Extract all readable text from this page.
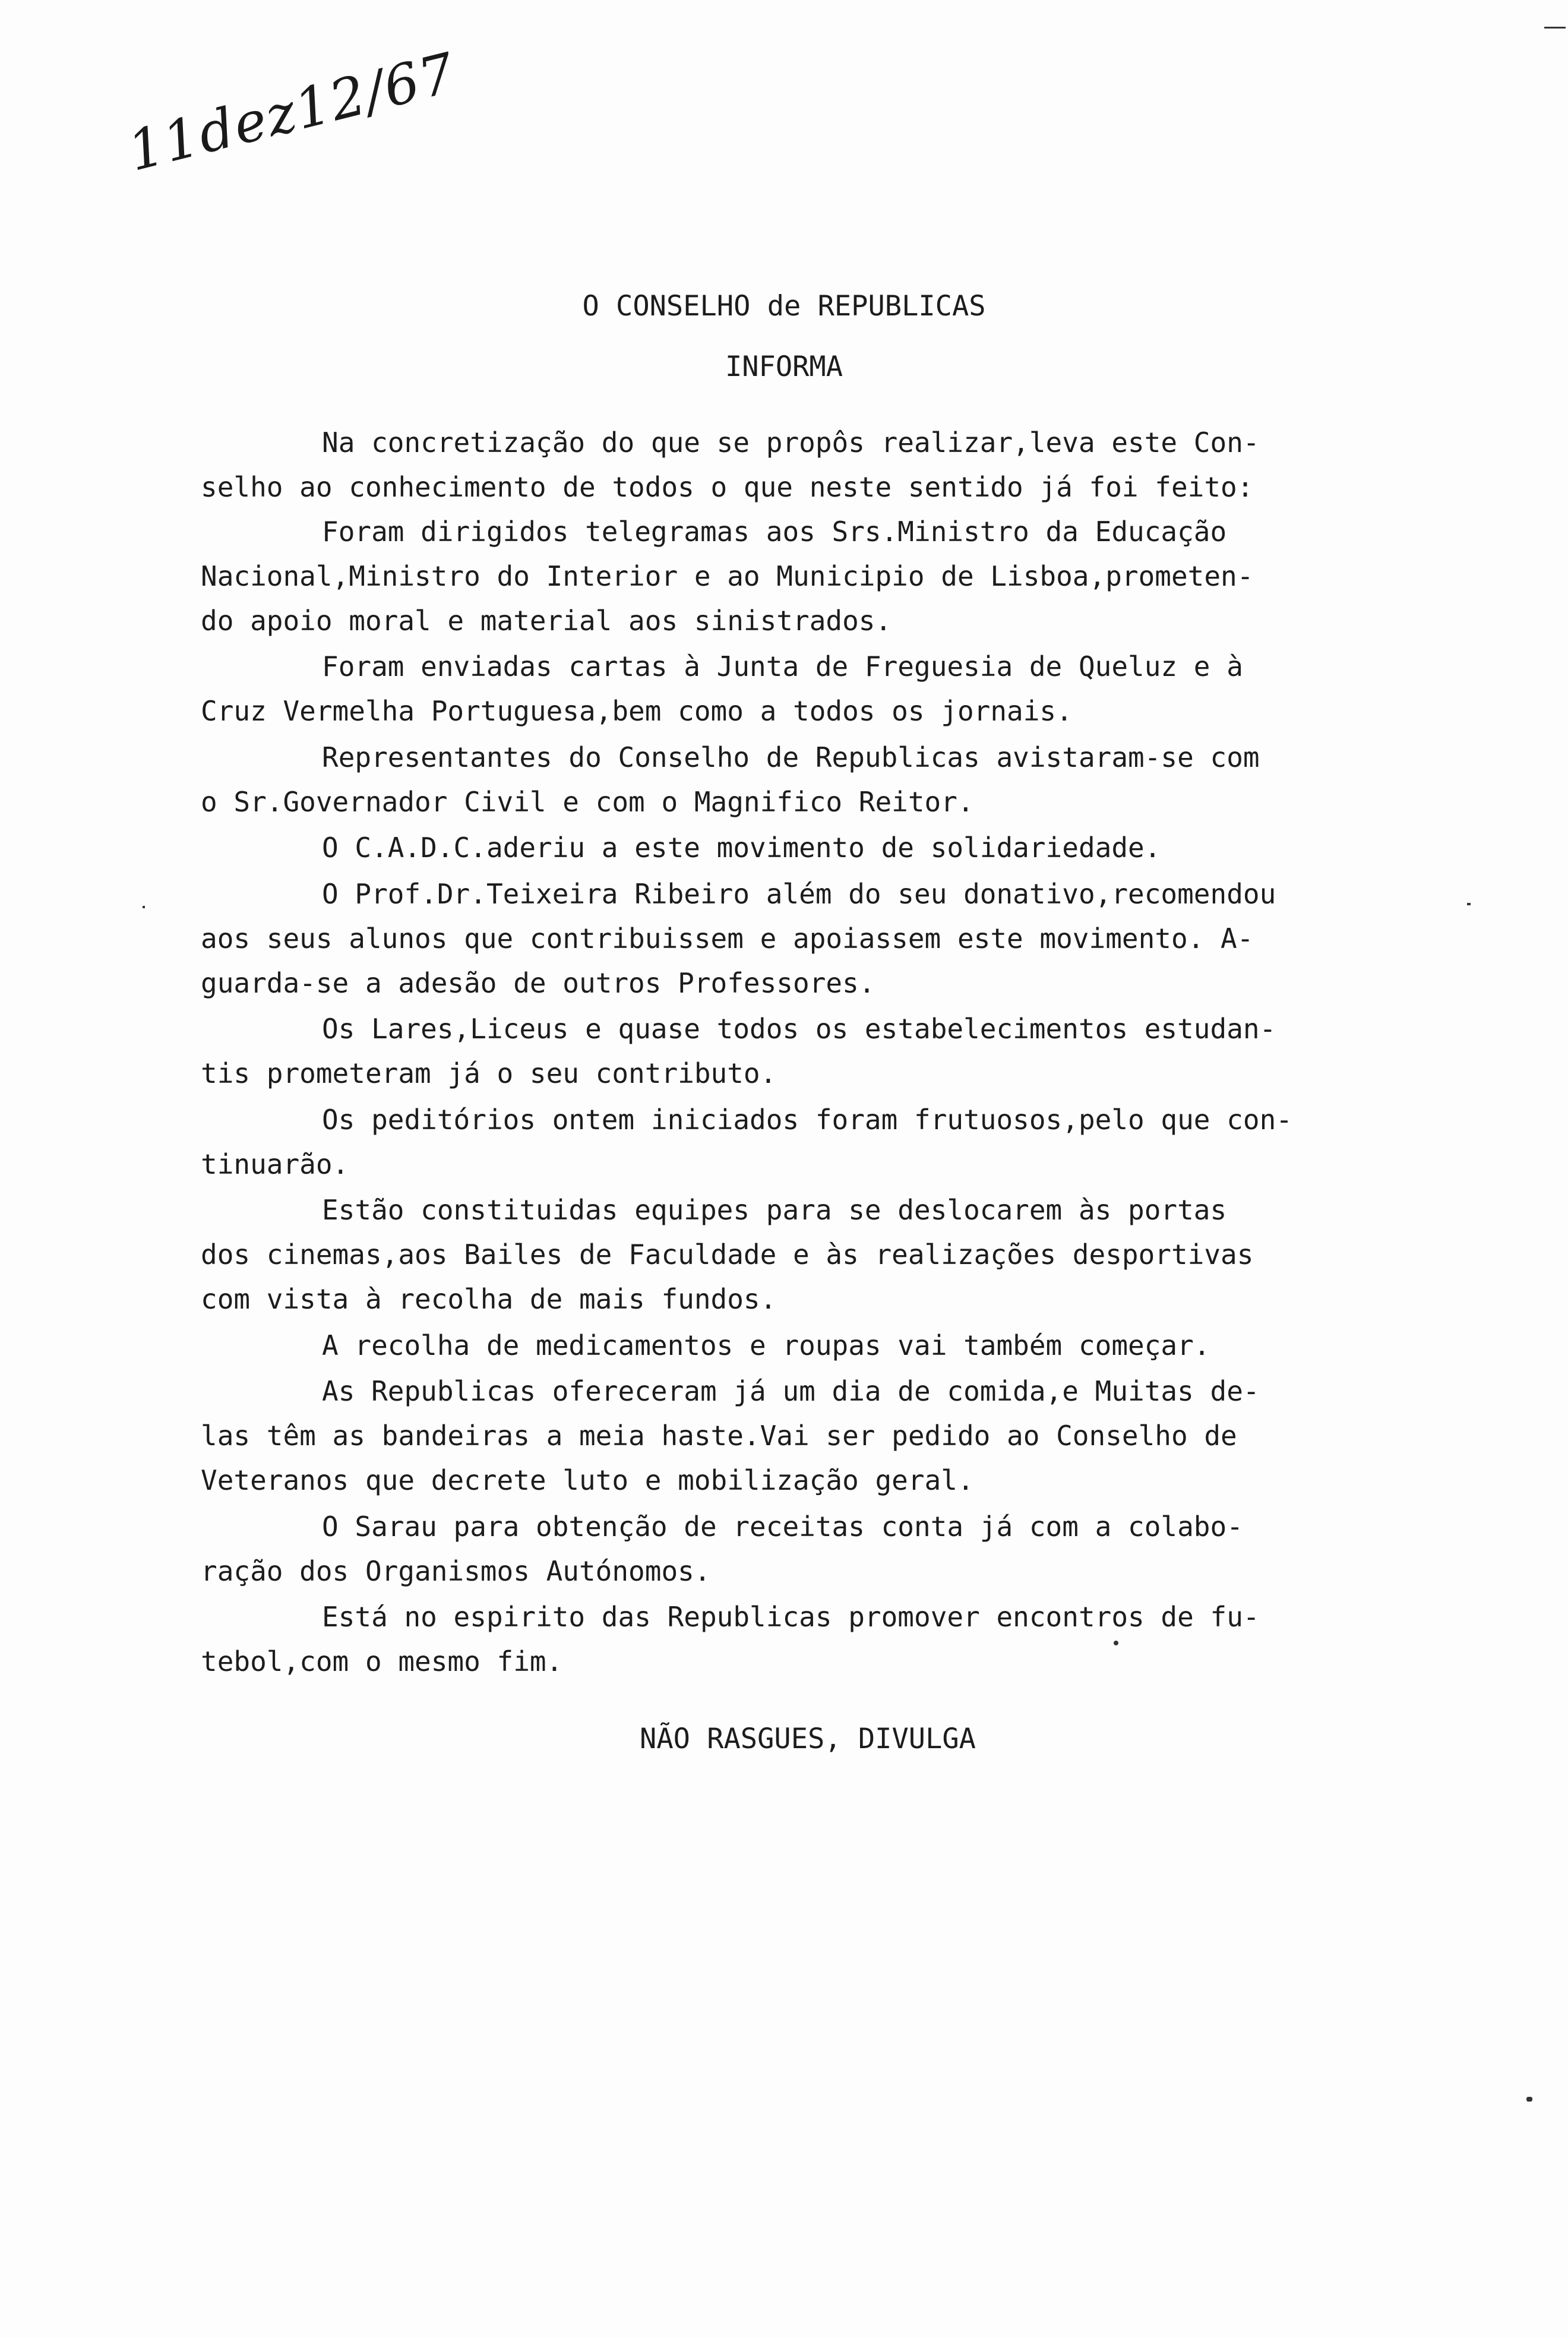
11dez12/67
O CONSELHO de REPUBLICAS
INFORMA
Na concretização do que se propôs realizar,leva este Con-
selho ao conhecimento de todos o que neste sentido já foi feito:
Foram dirigidos telegramas aos Srs.Ministro da Educação
Nacional,Ministro do Interior e ao Municipio de Lisboa,prometen-
do apoio moral e material aos sinistrados.
Foram enviadas cartas à Junta de Freguesia de Queluz e à
Cruz Vermelha Portuguesa,bem como a todos os jornais.
Representantes do Conselho de Republicas avistaram-se com
o Sr.Governador Civil e com o Magnifico Reitor.
O C.A.D.C.aderiu a este movimento de solidariedade.
O Prof.Dr.Teixeira Ribeiro além do seu donativo,recomendou
aos seus alunos que contribuissem e apoiassem este movimento. A-
guarda-se a adesão de outros Professores.
Os Lares,Liceus e quase todos os estabelecimentos estudan-
tis prometeram já o seu contributo.
Os peditórios ontem iniciados foram frutuosos,pelo que con-
tinuarão.
Estão constituidas equipes para se deslocarem às portas
dos cinemas,aos Bailes de Faculdade e às realizações desportivas
com vista à recolha de mais fundos.
A recolha de medicamentos e roupas vai também começar.
As Republicas ofereceram já um dia de comida,e Muitas de-
las têm as bandeiras a meia haste.Vai ser pedido ao Conselho de
Veteranos que decrete luto e mobilização geral.
O Sarau para obtenção de receitas conta já com a colabo-
ração dos Organismos Autónomos.
Está no espirito das Republicas promover encontros de fu-
tebol,com o mesmo fim.
NÃO RASGUES, DIVULGA
